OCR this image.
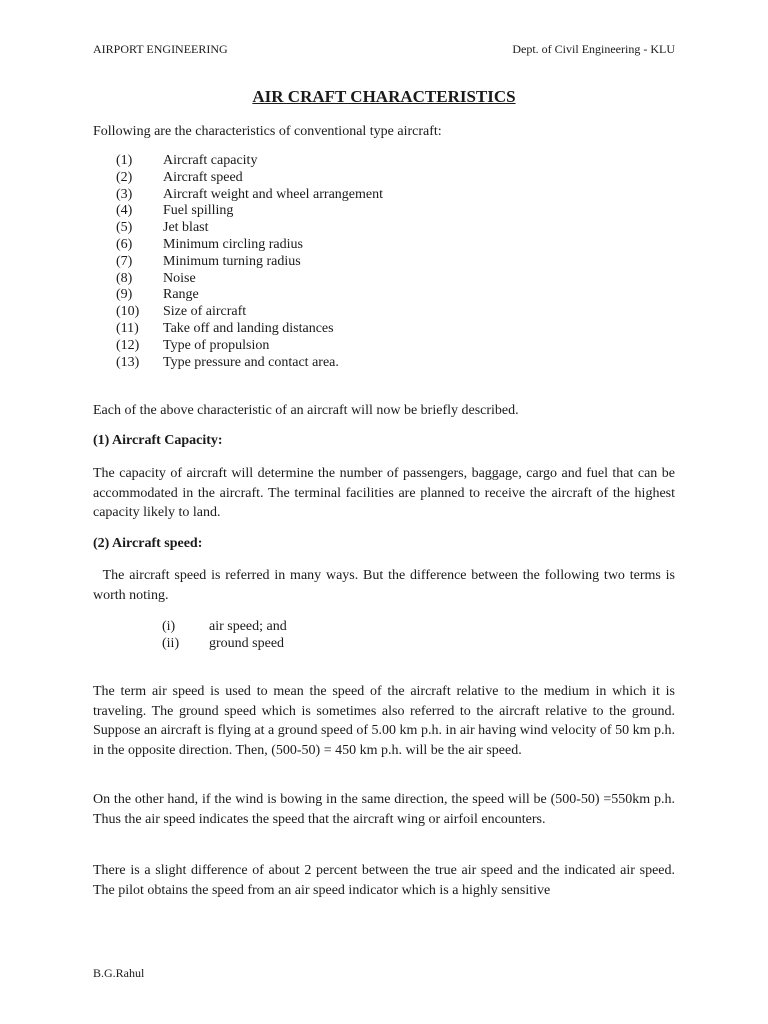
AIRPORT ENGINEERING	Dept. of Civil Engineering - KLU
AIR CRAFT CHARACTERISTICS
Following are the characteristics of conventional type aircraft:
(1)	Aircraft capacity
(2)	Aircraft speed
(3)	Aircraft weight and wheel arrangement
(4)	Fuel spilling
(5)	Jet blast
(6)	Minimum circling radius
(7)	Minimum turning radius
(8)	Noise
(9)	Range
(10)	Size of aircraft
(11)	Take off and landing distances
(12)	Type of propulsion
(13)	Type pressure and contact area.
Each of the above characteristic of an aircraft will now be briefly described.
(1) Aircraft Capacity:
The capacity of aircraft will determine the number of passengers, baggage, cargo and fuel that can be accommodated in the aircraft. The terminal facilities are planned to receive the aircraft of the highest capacity likely to land.
(2) Aircraft speed:
The aircraft speed is referred in many ways. But the difference between the following two terms is worth noting.
(i)	air speed; and
(ii)	ground speed
The term air speed is used to mean the speed of the aircraft relative to the medium in which it is traveling. The ground speed which is sometimes also referred to the aircraft relative to the ground. Suppose an aircraft is flying at a ground speed of 5.00 km p.h. in air having wind velocity of 50 km p.h. in the opposite direction. Then, (500-50) = 450 km p.h. will be the air speed.
On the other hand, if the wind is bowing in the same direction, the speed will be (500-50) =550km p.h. Thus the air speed indicates the speed that the aircraft wing or airfoil encounters.
There is a slight difference of about 2 percent between the true air speed and the indicated air speed. The pilot obtains the speed from an air speed indicator which is a highly sensitive
B.G.Rahul
